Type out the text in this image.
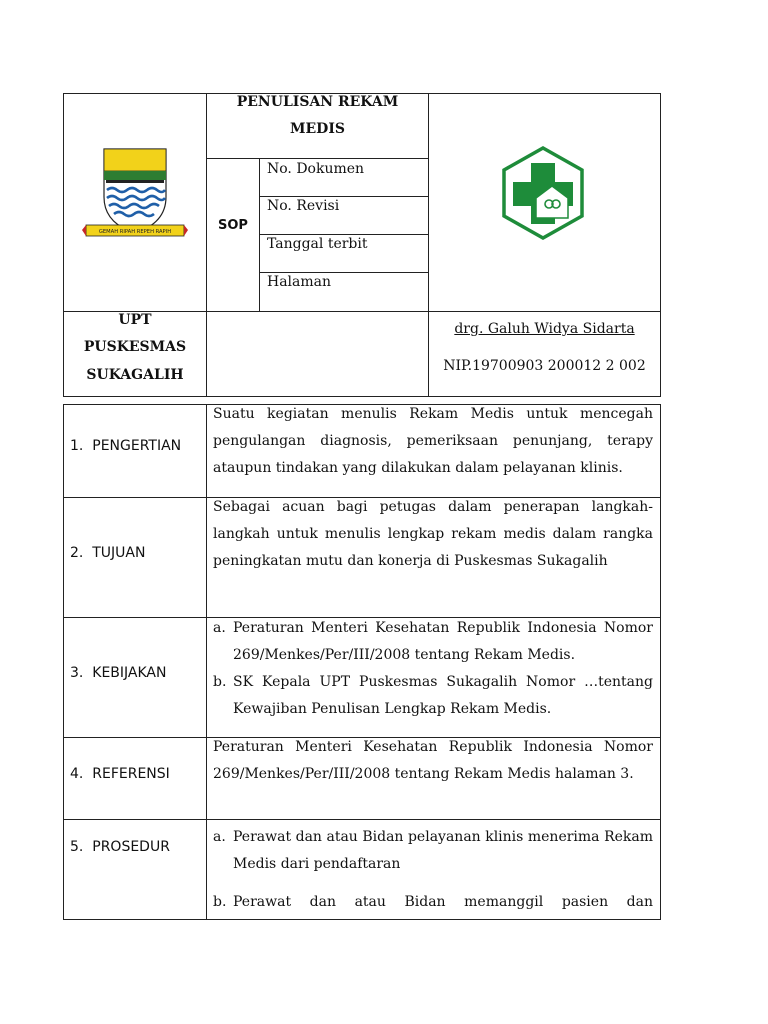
GEMAH RIPAH REPEH RAPIH
PENULISAN REKAM
MEDIS
SOP
No. Dokumen
No. Revisi
Tanggal terbit
Halaman
UPT
PUSKESMAS
SUKAGALIH
drg. Galuh Widya Sidarta
NIP.19700903 200012 2 002
1.  PENGERTIAN
Suatu kegiatan menulis Rekam Medis untuk mencegah pengulangan diagnosis, pemeriksaan penunjang, terapy ataupun tindakan yang dilakukan dalam pelayanan klinis.
2.  TUJUAN
Sebagai acuan bagi petugas dalam penerapan langkah-langkah untuk menulis lengkap rekam medis dalam rangka peningkatan mutu dan konerja di Puskesmas Sukagalih
3.  KEBIJAKAN
a. Peraturan Menteri Kesehatan Republik Indonesia Nomor 269/Menkes/Per/III/2008 tentang Rekam Medis.
b. SK Kepala UPT Puskesmas Sukagalih Nomor …tentang Kewajiban Penulisan Lengkap Rekam Medis.
4.  REFERENSI
Peraturan Menteri Kesehatan Republik Indonesia Nomor 269/Menkes/Per/III/2008 tentang Rekam Medis halaman 3.
5.  PROSEDUR
a. Perawat dan atau Bidan pelayanan klinis menerima Rekam Medis dari pendaftaran
b. Perawat dan atau Bidan memanggil pasien dan
